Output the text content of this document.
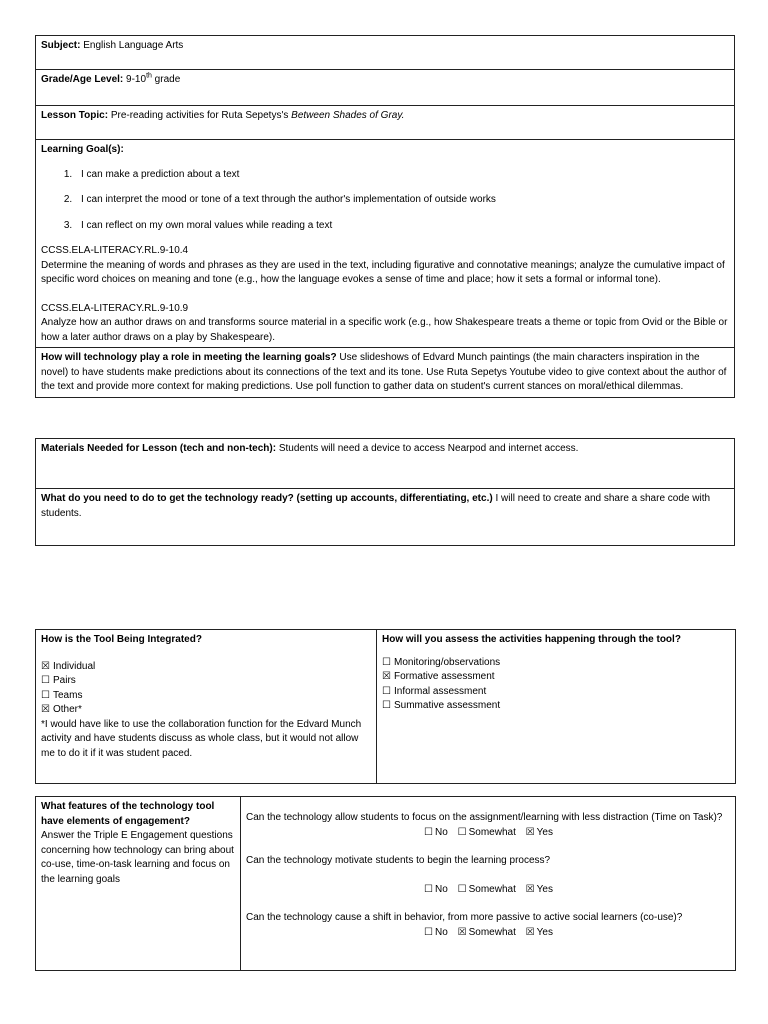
Subject: English Language Arts
Grade/Age Level: 9-10th grade
Lesson Topic: Pre-reading activities for Ruta Sepetys's Between Shades of Gray.
Learning Goal(s):
1. I can make a prediction about a text
2. I can interpret the mood or tone of a text through the author's implementation of outside works
3. I can reflect on my own moral values while reading a text
CCSS.ELA-LITERACY.RL.9-10.4
Determine the meaning of words and phrases as they are used in the text, including figurative and connotative meanings; analyze the cumulative impact of specific word choices on meaning and tone (e.g., how the language evokes a sense of time and place; how it sets a formal or informal tone).
CCSS.ELA-LITERACY.RL.9-10.9
Analyze how an author draws on and transforms source material in a specific work (e.g., how Shakespeare treats a theme or topic from Ovid or the Bible or how a later author draws on a play by Shakespeare).

How will technology play a role in meeting the learning goals? Use slideshows of Edvard Munch paintings (the main characters inspiration in the novel) to have students make predictions about its connections of the text and its tone. Use Ruta Sepetys Youtube video to give context about the author of the text and provide more context for making predictions. Use poll function to gather data on student's current stances on moral/ethical dilemmas.
Materials Needed for Lesson (tech and non-tech): Students will need a device to access Nearpod and internet access.
What do you need to do to get the technology ready? (setting up accounts, differentiating, etc.) I will need to create and share a share code with students.
How is the Tool Being Integrated?
☒ Individual
☐ Pairs
☐ Teams
☒ Other*
*I would have like to use the collaboration function for the Edvard Munch activity and have students discuss as whole class, but it would not allow me to do it if it was student paced.
	How will you assess the activities happening through the tool?
☐ Monitoring/observations
☒ Formative assessment
☐ Informal assessment
☐ Summative assessment
What features of the technology tool have elements of engagement?
Answer the Triple E Engagement questions concerning how technology can bring about co-use, time-on-task learning and focus on the learning goals

Can the technology allow students to focus on the assignment/learning with less distraction (Time on Task)?

☐ No ☐ Somewhat ☒ Yes

Can the technology motivate students to begin the learning process?

☐ No ☐ Somewhat ☒ Yes

Can the technology cause a shift in behavior, from more passive to active social learners (co-use)?

☐ No ☒ Somewhat ☒ Yes
